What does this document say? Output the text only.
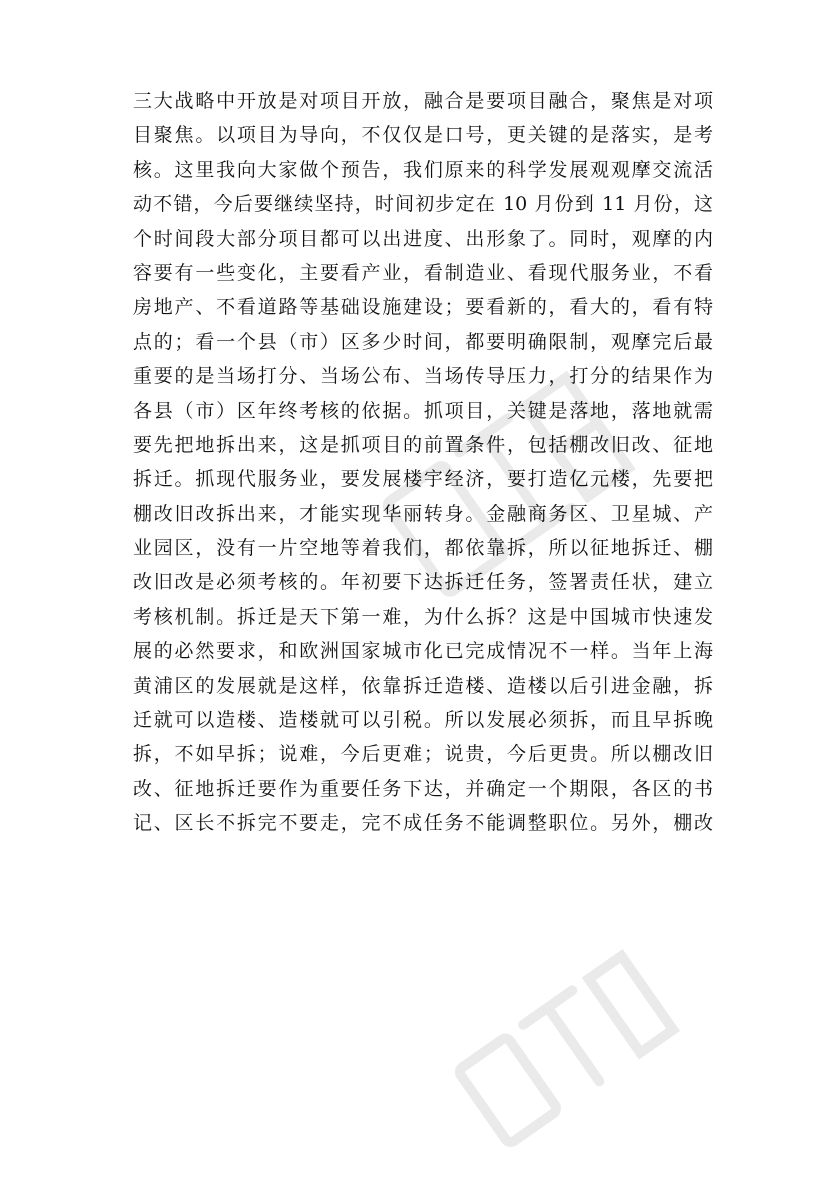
三大战略中开放是对项目开放，融合是要项目融合，聚焦是对项
目聚焦。以项目为导向，不仅仅是口号，更关键的是落实，是考
核。这里我向大家做个预告，我们原来的科学发展观观摩交流活
动不错，今后要继续坚持，时间初步定在 10 月份到 11 月份，这
个时间段大部分项目都可以出进度、出形象了。同时，观摩的内
容要有一些变化，主要看产业，看制造业、看现代服务业，不看
房地产、不看道路等基础设施建设；要看新的，看大的，看有特
点的；看一个县（市）区多少时间，都要明确限制，观摩完后最
重要的是当场打分、当场公布、当场传导压力，打分的结果作为
各县（市）区年终考核的依据。抓项目，关键是落地，落地就需
要先把地拆出来，这是抓项目的前置条件，包括棚改旧改、征地
拆迁。抓现代服务业，要发展楼宇经济，要打造亿元楼，先要把
棚改旧改拆出来，才能实现华丽转身。金融商务区、卫星城、产
业园区，没有一片空地等着我们，都依靠拆，所以征地拆迁、棚
改旧改是必须考核的。年初要下达拆迁任务，签署责任状，建立
考核机制。拆迁是天下第一难，为什么拆？这是中国城市快速发
展的必然要求，和欧洲国家城市化已完成情况不一样。当年上海
黄浦区的发展就是这样，依靠拆迁造楼、造楼以后引进金融，拆
迁就可以造楼、造楼就可以引税。所以发展必须拆，而且早拆晚
拆，不如早拆；说难，今后更难；说贵，今后更贵。所以棚改旧
改、征地拆迁要作为重要任务下达，并确定一个期限，各区的书
记、区长不拆完不要走，完不成任务不能调整职位。另外，棚改
